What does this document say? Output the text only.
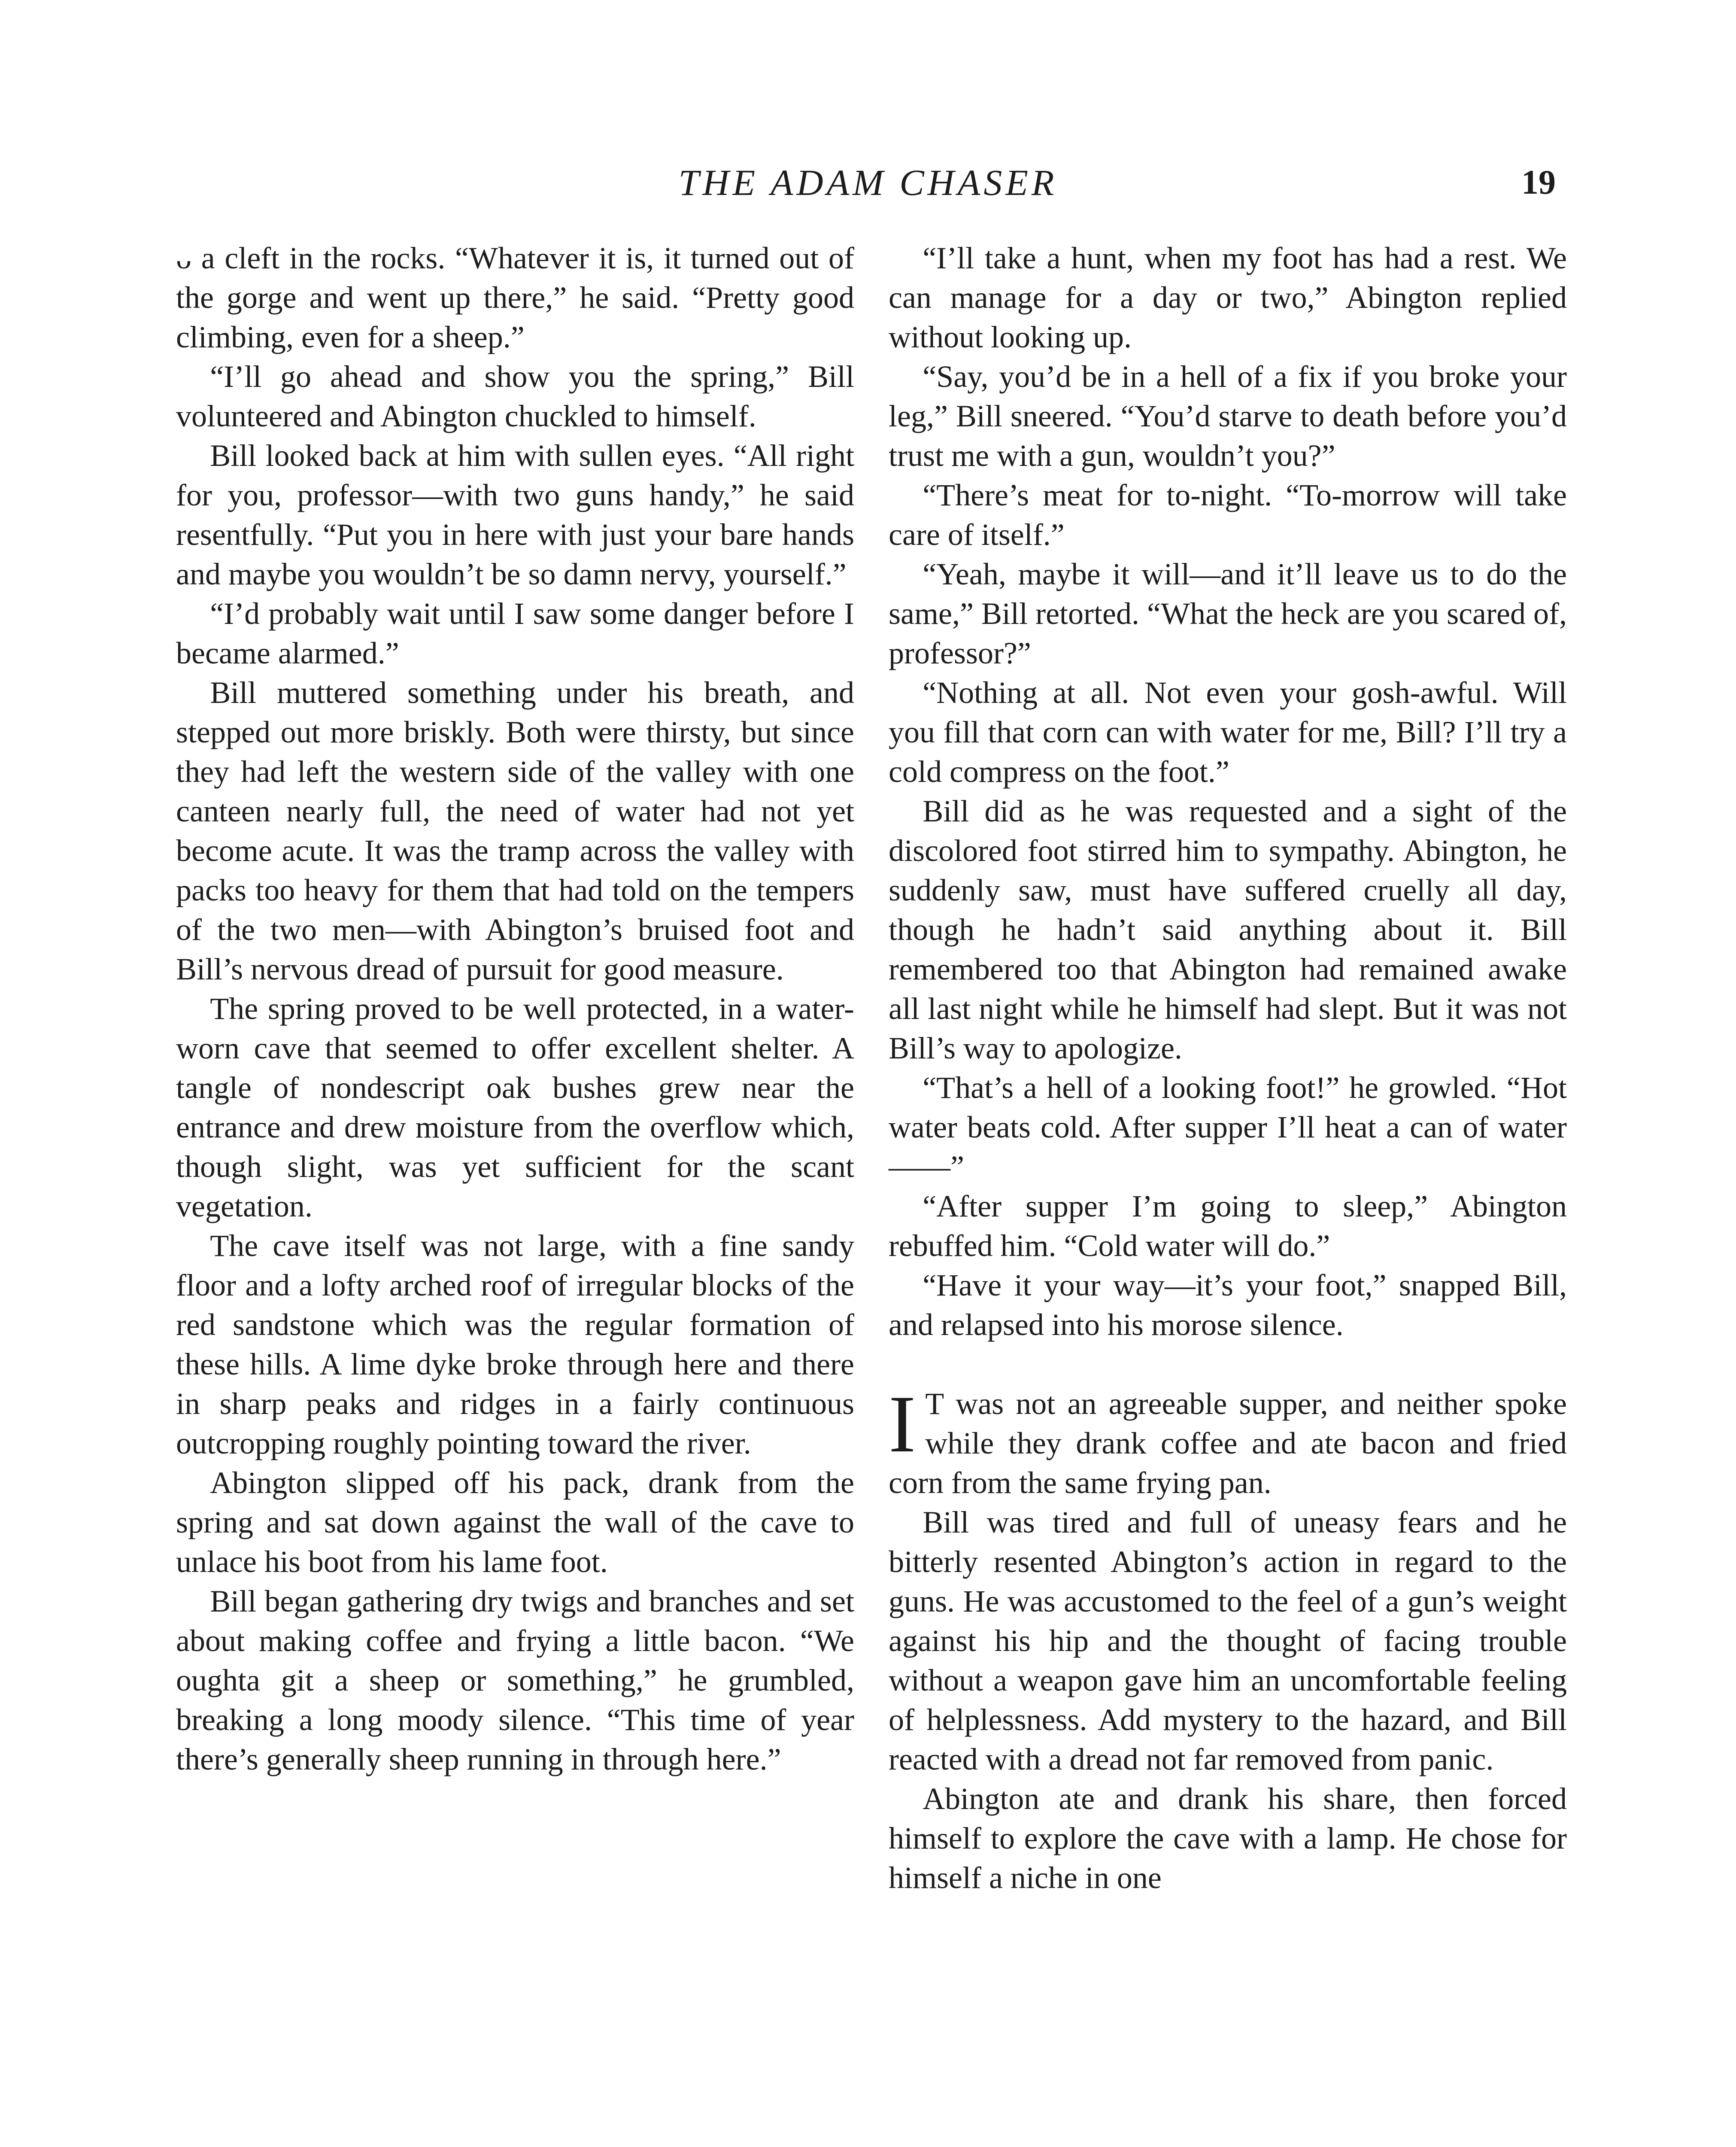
THE ADAM CHASER	19

ᴗ a cleft in the rocks. “Whatever it is, it turned out of the gorge and went up there,” he said. “Pretty good climbing, even for a sheep.”

“I’ll go ahead and show you the spring,” Bill volunteered and Abington chuckled to himself.

Bill looked back at him with sullen eyes. “All right for you, professor—with two guns handy,” he said resentfully. “Put you in here with just your bare hands and maybe you wouldn’t be so damn nervy, yourself.”

“I’d probably wait until I saw some danger before I became alarmed.”

Bill muttered something under his breath, and stepped out more briskly. Both were thirsty, but since they had left the western side of the valley with one canteen nearly full, the need of water had not yet become acute. It was the tramp across the valley with packs too heavy for them that had told on the tempers of the two men—with Abington’s bruised foot and Bill’s nervous dread of pursuit for good measure.

The spring proved to be well protected, in a water-worn cave that seemed to offer excellent shelter. A tangle of nondescript oak bushes grew near the entrance and drew moisture from the overflow which, though slight, was yet sufficient for the scant vegetation.

The cave itself was not large, with a fine sandy floor and a lofty arched roof of irregular blocks of the red sandstone which was the regular formation of these hills. A lime dyke broke through here and there in sharp peaks and ridges in a fairly continuous outcropping roughly pointing toward the river.

Abington slipped off his pack, drank from the spring and sat down against the wall of the cave to unlace his boot from his lame foot.

Bill began gathering dry twigs and branches and set about making coffee and frying a little bacon. “We oughta git a sheep or something,” he grumbled, breaking a long moody silence. “This time of year there’s generally sheep running in through here.”

“I’ll take a hunt, when my foot has had a rest. We can manage for a day or two,” Abington replied without looking up.

“Say, you’d be in a hell of a fix if you broke your leg,” Bill sneered. “You’d starve to death before you’d trust me with a gun, wouldn’t you?”

“There’s meat for to-night. “To-morrow will take care of itself.”

“Yeah, maybe it will—and it’ll leave us to do the same,” Bill retorted. “What the heck are you scared of, professor?”

“Nothing at all. Not even your gosh-awful. Will you fill that corn can with water for me, Bill? I’ll try a cold compress on the foot.”

Bill did as he was requested and a sight of the discolored foot stirred him to sympathy. Abington, he suddenly saw, must have suffered cruelly all day, though he hadn’t said anything about it. Bill remembered too that Abington had remained awake all last night while he himself had slept. But it was not Bill’s way to apologize.

“That’s a hell of a looking foot!” he growled. “Hot water beats cold. After supper I’ll heat a can of water——”

“After supper I’m going to sleep,” Abington rebuffed him. “Cold water will do.”

“Have it your way—it’s your foot,” snapped Bill, and relapsed into his morose silence.

I T was not an agreeable supper, and neither spoke while they drank coffee and ate bacon and fried corn from the same frying pan.

Bill was tired and full of uneasy fears and he bitterly resented Abington’s action in regard to the guns. He was accustomed to the feel of a gun’s weight against his hip and the thought of facing trouble without a weapon gave him an uncomfortable feeling of helplessness. Add mystery to the hazard, and Bill reacted with a dread not far removed from panic.

Abington ate and drank his share, then forced himself to explore the cave with a lamp. He chose for himself a niche in one
